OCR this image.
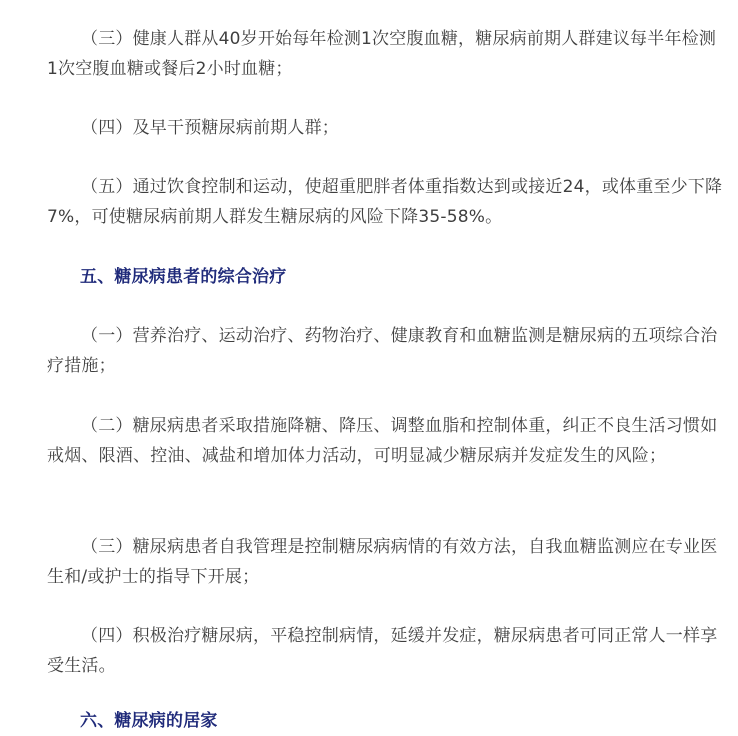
（三）健康人群从40岁开始每年检测1次空腹血糖，糖尿病前期人群建议每半年检测1次空腹血糖或餐后2小时血糖；

（四）及早干预糖尿病前期人群；

（五）通过饮食控制和运动，使超重肥胖者体重指数达到或接近24，或体重至少下降7%，可使糖尿病前期人群发生糖尿病的风险下降35-58%。

五、糖尿病患者的综合治疗

（一）营养治疗、运动治疗、药物治疗、健康教育和血糖监测是糖尿病的五项综合治疗措施；

（二）糖尿病患者采取措施降糖、降压、调整血脂和控制体重，纠正不良生活习惯如戒烟、限酒、控油、减盐和增加体力活动，可明显减少糖尿病并发症发生的风险；

（三）糖尿病患者自我管理是控制糖尿病病情的有效方法，自我血糖监测应在专业医生和/或护士的指导下开展；

（四）积极治疗糖尿病，平稳控制病情，延缓并发症，糖尿病患者可同正常人一样享受生活。

六、糖尿病的居家
